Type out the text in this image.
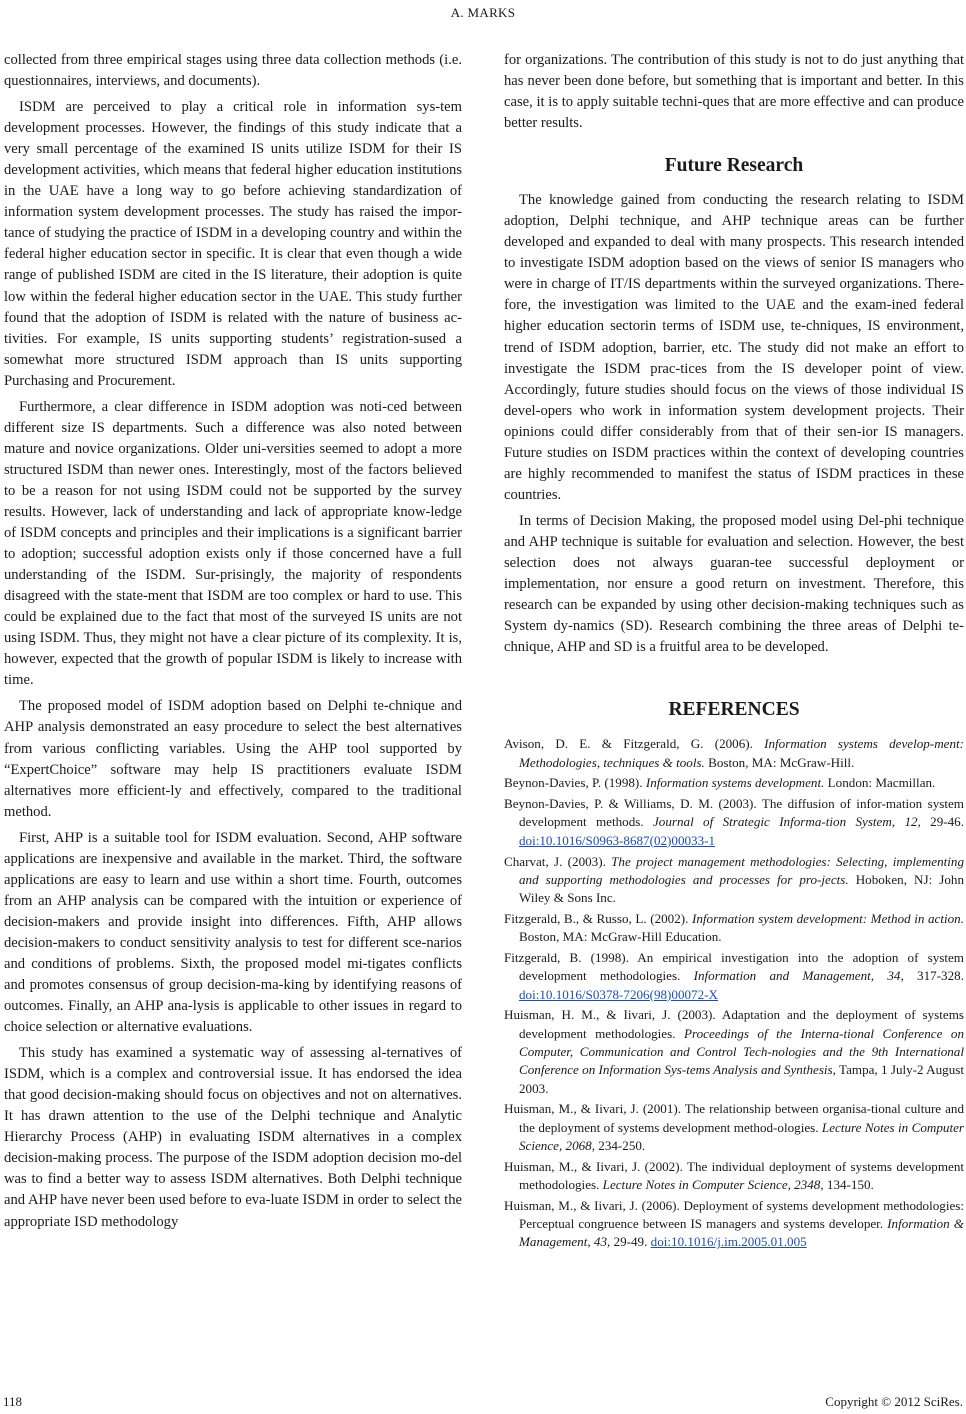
A. MARKS

collected from three empirical stages using three data collection methods (i.e. questionnaires, interviews, and documents).

ISDM are perceived to play a critical role in information sys-tem development processes. However, the findings of this study indicate that a very small percentage of the examined IS units utilize ISDM for their IS development activities, which means that federal higher education institutions in the UAE have a long way to go before achieving standardization of information system development processes. The study has raised the impor-tance of studying the practice of ISDM in a developing country and within the federal higher education sector in specific. It is clear that even though a wide range of published ISDM are cited in the IS literature, their adoption is quite low within the federal higher education sector in the UAE. This study further found that the adoption of ISDM is related with the nature of business ac-tivities. For example, IS units supporting students’ registration-sused a somewhat more structured ISDM approach than IS units supporting Purchasing and Procurement.

Furthermore, a clear difference in ISDM adoption was noti-ced between different size IS departments. Such a difference was also noted between mature and novice organizations. Older uni-versities seemed to adopt a more structured ISDM than newer ones. Interestingly, most of the factors believed to be a reason for not using ISDM could not be supported by the survey results. However, lack of understanding and lack of appropriate know-ledge of ISDM concepts and principles and their implications is a significant barrier to adoption; successful adoption exists only if those concerned have a full understanding of the ISDM. Sur-prisingly, the majority of respondents disagreed with the state-ment that ISDM are too complex or hard to use. This could be explained due to the fact that most of the surveyed IS units are not using ISDM. Thus, they might not have a clear picture of its complexity. It is, however, expected that the growth of popular ISDM is likely to increase with time.

The proposed model of ISDM adoption based on Delphi te-chnique and AHP analysis demonstrated an easy procedure to select the best alternatives from various conflicting variables. Using the AHP tool supported by “ExpertChoice” software may help IS practitioners evaluate ISDM alternatives more efficient-ly and effectively, compared to the traditional method.

First, AHP is a suitable tool for ISDM evaluation. Second, AHP software applications are inexpensive and available in the market. Third, the software applications are easy to learn and use within a short time. Fourth, outcomes from an AHP analysis can be compared with the intuition or experience of decision-makers and provide insight into differences. Fifth, AHP allows decision-makers to conduct sensitivity analysis to test for different sce-narios and conditions of problems. Sixth, the proposed model mi-tigates conflicts and promotes consensus of group decision-ma-king by identifying reasons of outcomes. Finally, an AHP ana-lysis is applicable to other issues in regard to choice selection or alternative evaluations.

This study has examined a systematic way of assessing al-ternatives of ISDM, which is a complex and controversial issue. It has endorsed the idea that good decision-making should focus on objectives and not on alternatives. It has drawn attention to the use of the Delphi technique and Analytic Hierarchy Process (AHP) in evaluating ISDM alternatives in a complex decision-making process. The purpose of the ISDM adoption decision mo-del was to find a better way to assess ISDM alternatives. Both Delphi technique and AHP have never been used before to eva-luate ISDM in order to select the appropriate ISD methodology

for organizations. The contribution of this study is not to do just anything that has never been done before, but something that is important and better. In this case, it is to apply suitable techni-ques that are more effective and can produce better results.

Future Research

The knowledge gained from conducting the research relating to ISDM adoption, Delphi technique, and AHP technique areas can be further developed and expanded to deal with many prospects. This research intended to investigate ISDM adoption based on the views of senior IS managers who were in charge of IT/IS departments within the surveyed organizations. There-fore, the investigation was limited to the UAE and the exam-ined federal higher education sectorin terms of ISDM use, te-chniques, IS environment, trend of ISDM adoption, barrier, etc. The study did not make an effort to investigate the ISDM prac-tices from the IS developer point of view. Accordingly, future studies should focus on the views of those individual IS devel-opers who work in information system development projects. Their opinions could differ considerably from that of their sen-ior IS managers. Future studies on ISDM practices within the context of developing countries are highly recommended to manifest the status of ISDM practices in these countries.

In terms of Decision Making, the proposed model using Del-phi technique and AHP technique is suitable for evaluation and selection. However, the best selection does not always guaran-tee successful deployment or implementation, nor ensure a good return on investment. Therefore, this research can be expanded by using other decision-making techniques such as System dy-namics (SD). Research combining the three areas of Delphi te-chnique, AHP and SD is a fruitful area to be developed.

REFERENCES

Avison, D. E. & Fitzgerald, G. (2006). Information systems develop-ment: Methodologies, techniques & tools. Boston, MA: McGraw-Hill.

Beynon-Davies, P. (1998). Information systems development. London: Macmillan.

Beynon-Davies, P. & Williams, D. M. (2003). The diffusion of infor-mation system development methods. Journal of Strategic Informa-tion System, 12, 29-46. doi:10.1016/S0963-8687(02)00033-1

Charvat, J. (2003). The project management methodologies: Selecting, implementing and supporting methodologies and processes for pro-jects. Hoboken, NJ: John Wiley & Sons Inc.

Fitzgerald, B., & Russo, L. (2002). Information system development: Method in action. Boston, MA: McGraw-Hill Education.

Fitzgerald, B. (1998). An empirical investigation into the adoption of system development methodologies. Information and Management, 34, 317-328. doi:10.1016/S0378-7206(98)00072-X

Huisman, H. M., & Iivari, J. (2003). Adaptation and the deployment of systems development methodologies. Proceedings of the Interna-tional Conference on Computer, Communication and Control Tech-nologies and the 9th International Conference on Information Sys-tems Analysis and Synthesis, Tampa, 1 July-2 August 2003.

Huisman, M., & Iivari, J. (2001). The relationship between organisa-tional culture and the deployment of systems development method-ologies. Lecture Notes in Computer Science, 2068, 234-250.

Huisman, M., & Iivari, J. (2002). The individual deployment of systems development methodologies. Lecture Notes in Computer Science, 2348, 134-150.

Huisman, M., & Iivari, J. (2006). Deployment of systems development methodologies: Perceptual congruence between IS managers and systems developer. Information & Management, 43, 29-49. doi:10.1016/j.im.2005.01.005

118	Copyright © 2012 SciRes.
